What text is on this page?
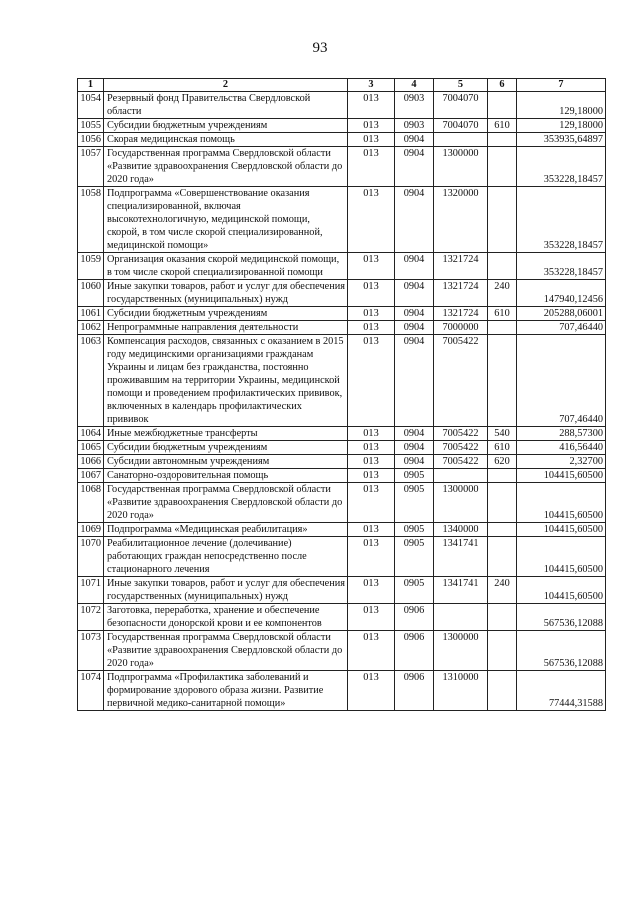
93
1	2	3	4	5	6	7
1054	Резервный фонд Правительства Свердловской области	013	0903	7004070		129,18000
1055	Субсидии бюджетным учреждениям	013	0903	7004070	610	129,18000
1056	Скорая медицинская помощь	013	0904			353935,64897
1057	Государственная программа Свердловской области «Развитие здравоохранения Свердловской области до 2020 года»	013	0904	1300000		353228,18457
1058	Подпрограмма «Совершенствование оказания специализированной, включая высокотехнологичную, медицинской помощи, скорой, в том числе скорой специализированной, медицинской помощи»	013	0904	1320000		353228,18457
1059	Организация оказания скорой медицинской помощи, в том числе скорой специализированной помощи	013	0904	1321724		353228,18457
1060	Иные закупки товаров, работ и услуг для обеспечения государственных (муниципальных) нужд	013	0904	1321724	240	147940,12456
1061	Субсидии бюджетным учреждениям	013	0904	1321724	610	205288,06001
1062	Непрограммные направления деятельности	013	0904	7000000		707,46440
1063	Компенсация расходов, связанных с оказанием в 2015 году медицинскими организациями гражданам Украины и лицам без гражданства, постоянно проживавшим на территории Украины, медицинской помощи и проведением профилактических прививок, включенных в календарь профилактических прививок	013	0904	7005422		707,46440
1064	Иные межбюджетные трансферты	013	0904	7005422	540	288,57300
1065	Субсидии бюджетным учреждениям	013	0904	7005422	610	416,56440
1066	Субсидии автономным учреждениям	013	0904	7005422	620	2,32700
1067	Санаторно-оздоровительная помощь	013	0905			104415,60500
1068	Государственная программа Свердловской области «Развитие здравоохранения Свердловской области до 2020 года»	013	0905	1300000		104415,60500
1069	Подпрограмма «Медицинская реабилитация»	013	0905	1340000		104415,60500
1070	Реабилитационное лечение (долечивание) работающих граждан непосредственно после стационарного лечения	013	0905	1341741		104415,60500
1071	Иные закупки товаров, работ и услуг для обеспечения государственных (муниципальных) нужд	013	0905	1341741	240	104415,60500
1072	Заготовка, переработка, хранение и обеспечение безопасности донорской крови и ее компонентов	013	0906			567536,12088
1073	Государственная программа Свердловской области «Развитие здравоохранения Свердловской области до 2020 года»	013	0906	1300000		567536,12088
1074	Подпрограмма «Профилактика заболеваний и формирование здорового образа жизни. Развитие первичной медико-санитарной помощи»	013	0906	1310000		77444,31588
